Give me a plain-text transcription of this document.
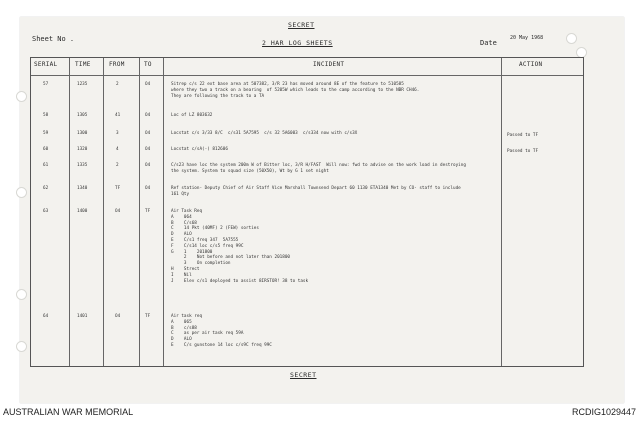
SECRET
Sheet No .	2 HAR LOG SHEETS	Date
20 May 1968
SERIAL	TIME	FROM	TO	INCIDENT	ACTION
57	1235	2	O4	Sitrep c/s 22 ext base area at 507382, 3/R 23 has moved around 8E of the feature to 510585
where they two a track on a bearing  of 5205W which leads to the camp according to the NBR CH46.
They are following the track to a TA
58	1305	41	O4	Loc of LZ 803632
59	1300	3	O4	Locstat c/s 3/33 8/C  c/s31 5A7595  c/s 32 5A6003  c/s334 now with c/s3X	Passed to TF
60	1320	4	O4	Locstat c/sA(-) 812606	Passed to TF
61	1335	2	O4	C/s23 have loc the system 200m W of Bitter loc, 3/R H/FAST  Will now: fwd to advise on the work load in destroying
the system. System to squad size (50X50), Wt by G 1 set night
62	1340	TF	O4	Ref station- Deputy Chief of Air Staff Vice Marshall Townsend Depart 60 1130 ETA1340 Met by CO- staff to include
161 Qty
63	1400	O4	TF	Air Task Req
A    064
B    C/s68
C    14 Pkt (40MF) 2 (FEW) sorties
D    ALO
E    C/s1 freq 347  5A7555
F    C/s14 loc c/s5 freq 99C
G    1    201800
2    Not before and not later than 201800
3    On completion
H    Strect
I    Nil
J    Elev c/s1 deployed to assist 8IRSTOR! 38 to task
64	1401	O4	TF	Air task req
A    065
B    c/s88
C    as per air task req 59A
D    ALO
E    C/s gunstone 14 loc c/s9C freq 99C
SECRET
AUSTRALIAN WAR MEMORIAL	RCDIG1029447
